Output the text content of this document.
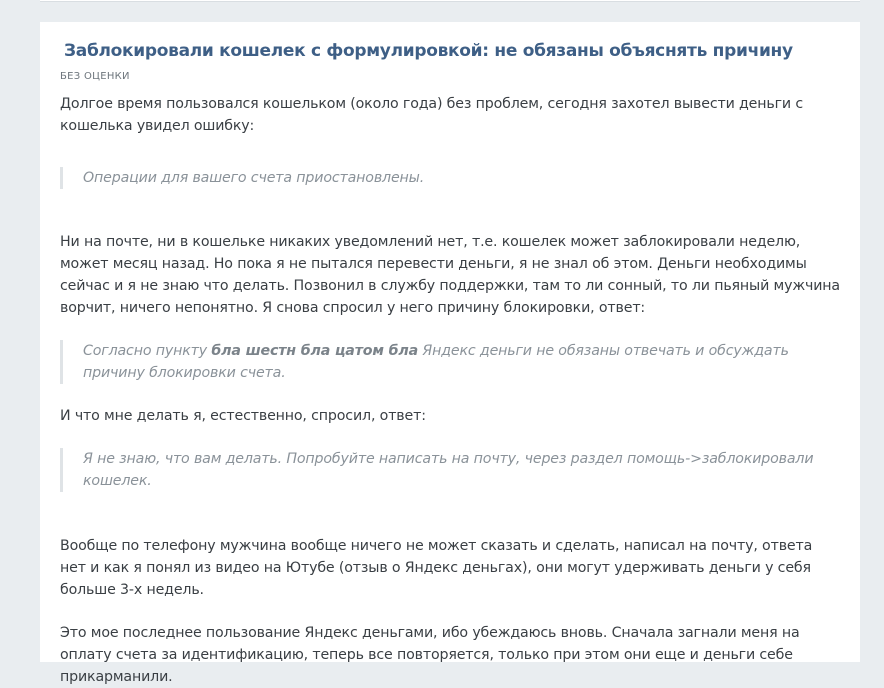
Заблокировали кошелек с формулировкой: не обязаны объяснять причину
БЕЗ ОЦЕНКИ

Долгое время пользовался кошельком (около года) без проблем, сегодня захотел вывести деньги с кошелька увидел ошибку:

Операции для вашего счета приостановлены.

Ни на почте, ни в кошельке никаких уведомлений нет, т.е. кошелек может заблокировали неделю, может месяц назад. Но пока я не пытался перевести деньги, я не знал об этом. Деньги необходимы сейчас и я не знаю что делать. Позвонил в службу поддержки, там то ли сонный, то ли пьяный мужчина ворчит, ничего непонятно. Я снова спросил у него причину блокировки, ответ:

Согласно пункту бла шестн бла цатом бла Яндекс деньги не обязаны отвечать и обсуждать причину блокировки счета.

И что мне делать я, естественно, спросил, ответ:

Я не знаю, что вам делать. Попробуйте написать на почту, через раздел помощь->заблокировали кошелек.

Вообще по телефону мужчина вообще ничего не может сказать и сделать, написал на почту, ответа нет и как я понял из видео на Ютубе (отзыв о Яндекс деньгах), они могут удерживать деньги у себя больше 3-х недель.

Это мое последнее пользование Яндекс деньгами, ибо убеждаюсь вновь. Сначала загнали меня на оплату счета за идентификацию, теперь все повторяется, только при этом они еще и деньги себе прикарманили.
